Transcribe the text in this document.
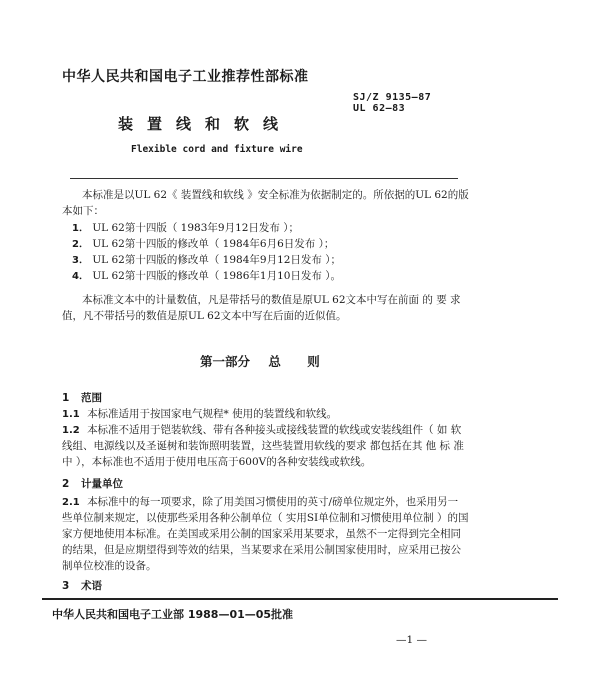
中华人民共和国电子工业推荐性部标准
SJ/Z 9135—87
UL 62—83
装置线和软线
Flexible cord and fixture wire
本标准是以UL 62《 装置线和软线 》安全标准为依据制定的。所依据的UL 62的版
本如下：
1． UL 62第十四版（ 1983年9月12日发布 ）；
2． UL 62第十四版的修改单（ 1984年6月6日发布 ）；
3． UL 62第十四版的修改单（ 1984年9月12日发布 ）；
4． UL 62第十四版的修改单（ 1986年1月10日发布 ）。
本标准文本中的计量数值，凡是带括号的数值是原UL 62文本中写在前面 的 要 求
值，凡不带括号的数值是原UL 62文本中写在后面的近似值。
第一部分 总 则
1 范围
1.1 本标准适用于按国家电气规程* 使用的装置线和软线。
1.2 本标准不适用于铠装软线、带有各种接头或接线装置的软线或安装线组件（ 如 软
线组、电源线以及圣诞树和装饰照明装置，这些装置用软线的要求 都包括在其 他 标 准
中 ），本标准也不适用于使用电压高于600V的各种安装线或软线。
2 计量单位
2.1 本标准中的每一项要求，除了用美国习惯使用的英寸/磅单位规定外，也采用另一
些单位制来规定，以使那些采用各种公制单位（ 实用SI单位制和习惯使用单位制 ）的国
家方便地使用本标准。在美国或采用公制的国家采用某要求，虽然不一定得到完全相同
的结果，但是应期望得到等效的结果，当某要求在采用公制国家使用时，应采用已按公
制单位校准的设备。
3 术语
中华人民共和国电子工业部 1988—01—05批准
—1 —
